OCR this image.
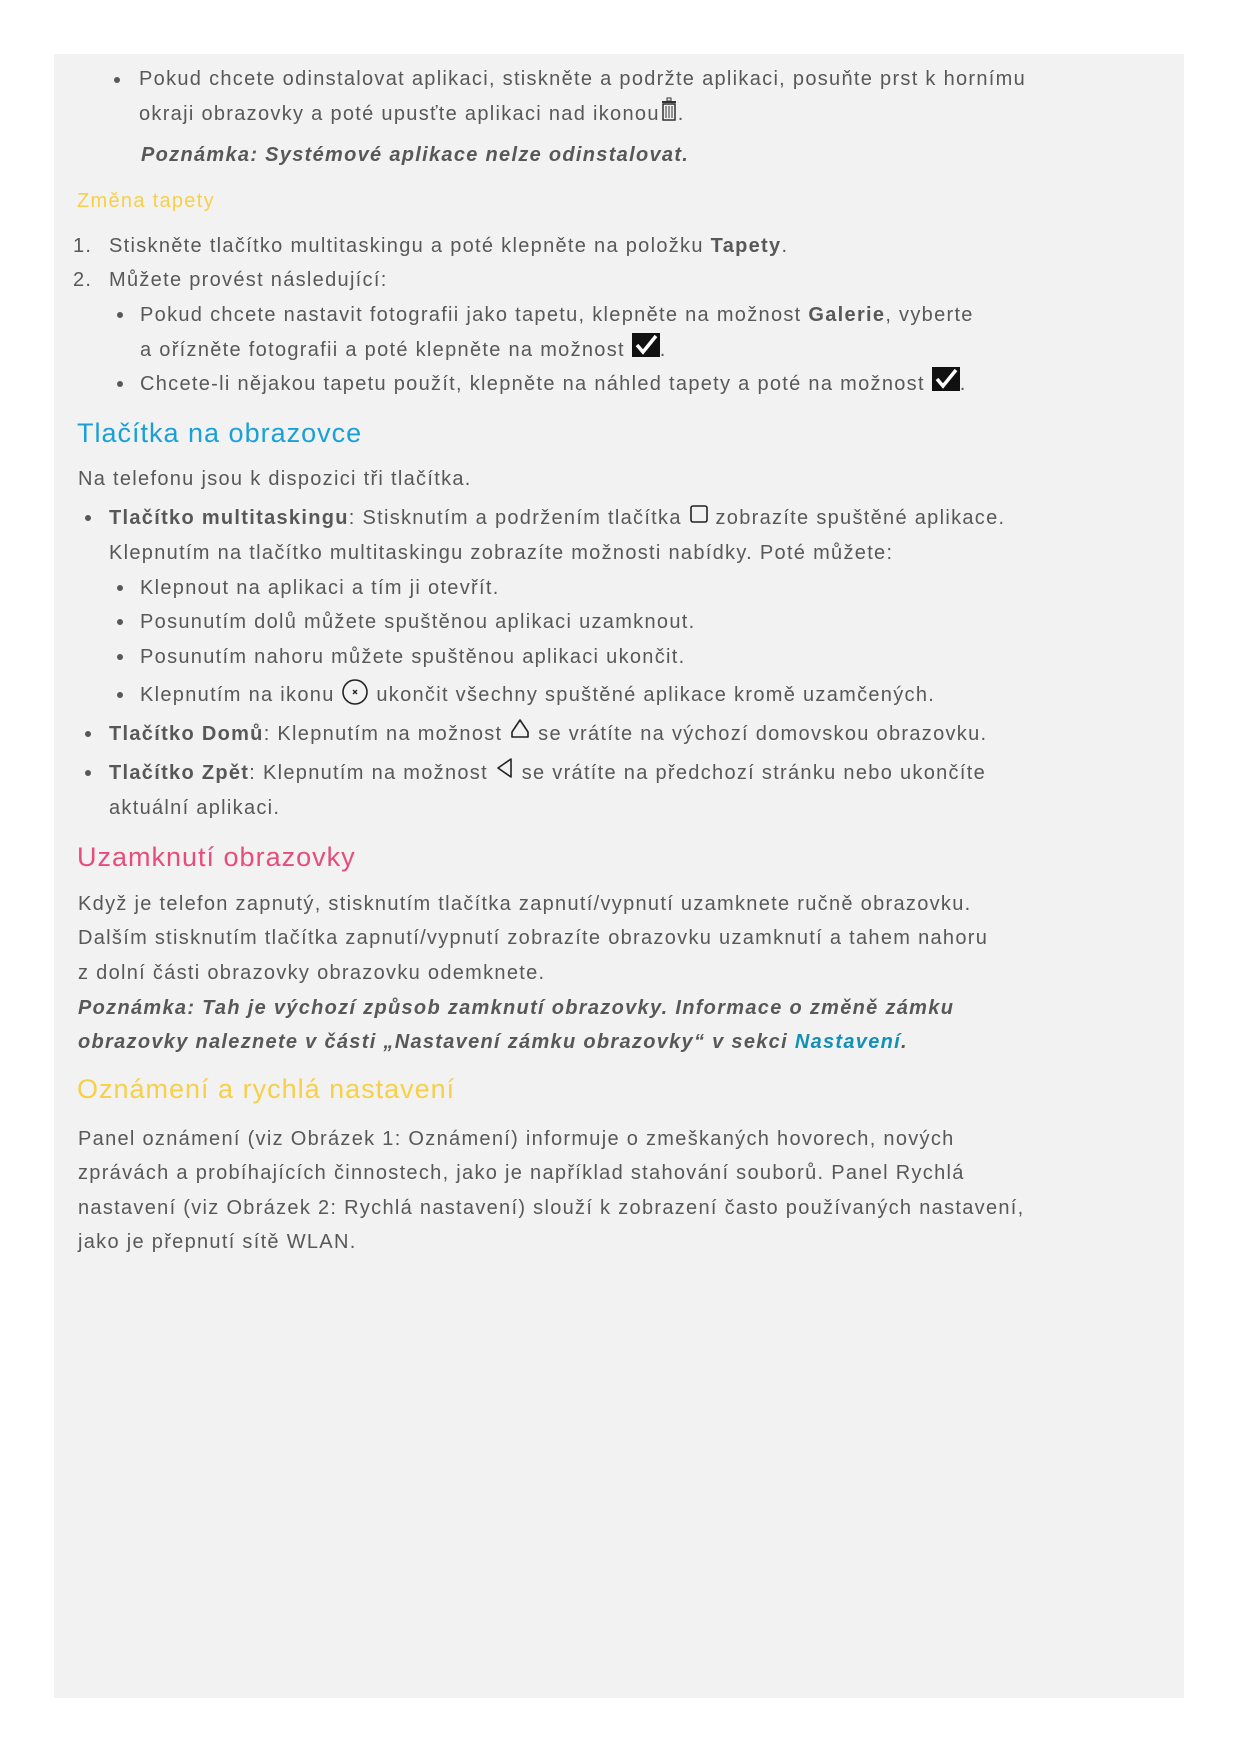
Pokud chcete odinstalovat aplikaci, stiskněte a podržte aplikaci, posuňte prst k hornímu
okraji obrazovky a poté upusťte aplikaci nad ikonou .
Poznámka: Systémové aplikace nelze odinstalovat.
Změna tapety
1. Stiskněte tlačítko multitaskingu a poté klepněte na položku Tapety.
2. Můžete provést následující:
Pokud chcete nastavit fotografii jako tapetu, klepněte na možnost Galerie, vyberte
a ořízněte fotografii a poté klepněte na možnost .
Chcete-li nějakou tapetu použít, klepněte na náhled tapety a poté na možnost .
Tlačítka na obrazovce
Na telefonu jsou k dispozici tři tlačítka.
Tlačítko multitaskingu: Stisknutím a podržením tlačítka zobrazíte spuštěné aplikace.
Klepnutím na tlačítko multitaskingu zobrazíte možnosti nabídky. Poté můžete:
Klepnout na aplikaci a tím ji otevřít.
Posunutím dolů můžete spuštěnou aplikaci uzamknout.
Posunutím nahoru můžete spuštěnou aplikaci ukončit.
Klepnutím na ikonu ukončit všechny spuštěné aplikace kromě uzamčených.
Tlačítko Domů: Klepnutím na možnost se vrátíte na výchozí domovskou obrazovku.
Tlačítko Zpět: Klepnutím na možnost se vrátíte na předchozí stránku nebo ukončíte
aktuální aplikaci.
Uzamknutí obrazovky
Když je telefon zapnutý, stisknutím tlačítka zapnutí/vypnutí uzamknete ručně obrazovku.
Dalším stisknutím tlačítka zapnutí/vypnutí zobrazíte obrazovku uzamknutí a tahem nahoru
z dolní části obrazovky obrazovku odemknete.
Poznámka: Tah je výchozí způsob zamknutí obrazovky. Informace o změně zámku
obrazovky naleznete v části „Nastavení zámku obrazovky“ v sekci Nastavení.
Oznámení a rychlá nastavení
Panel oznámení (viz Obrázek 1: Oznámení) informuje o zmeškaných hovorech, nových
zprávách a probíhajících činnostech, jako je například stahování souborů. Panel Rychlá
nastavení (viz Obrázek 2: Rychlá nastavení) slouží k zobrazení často používaných nastavení,
jako je přepnutí sítě WLAN.
